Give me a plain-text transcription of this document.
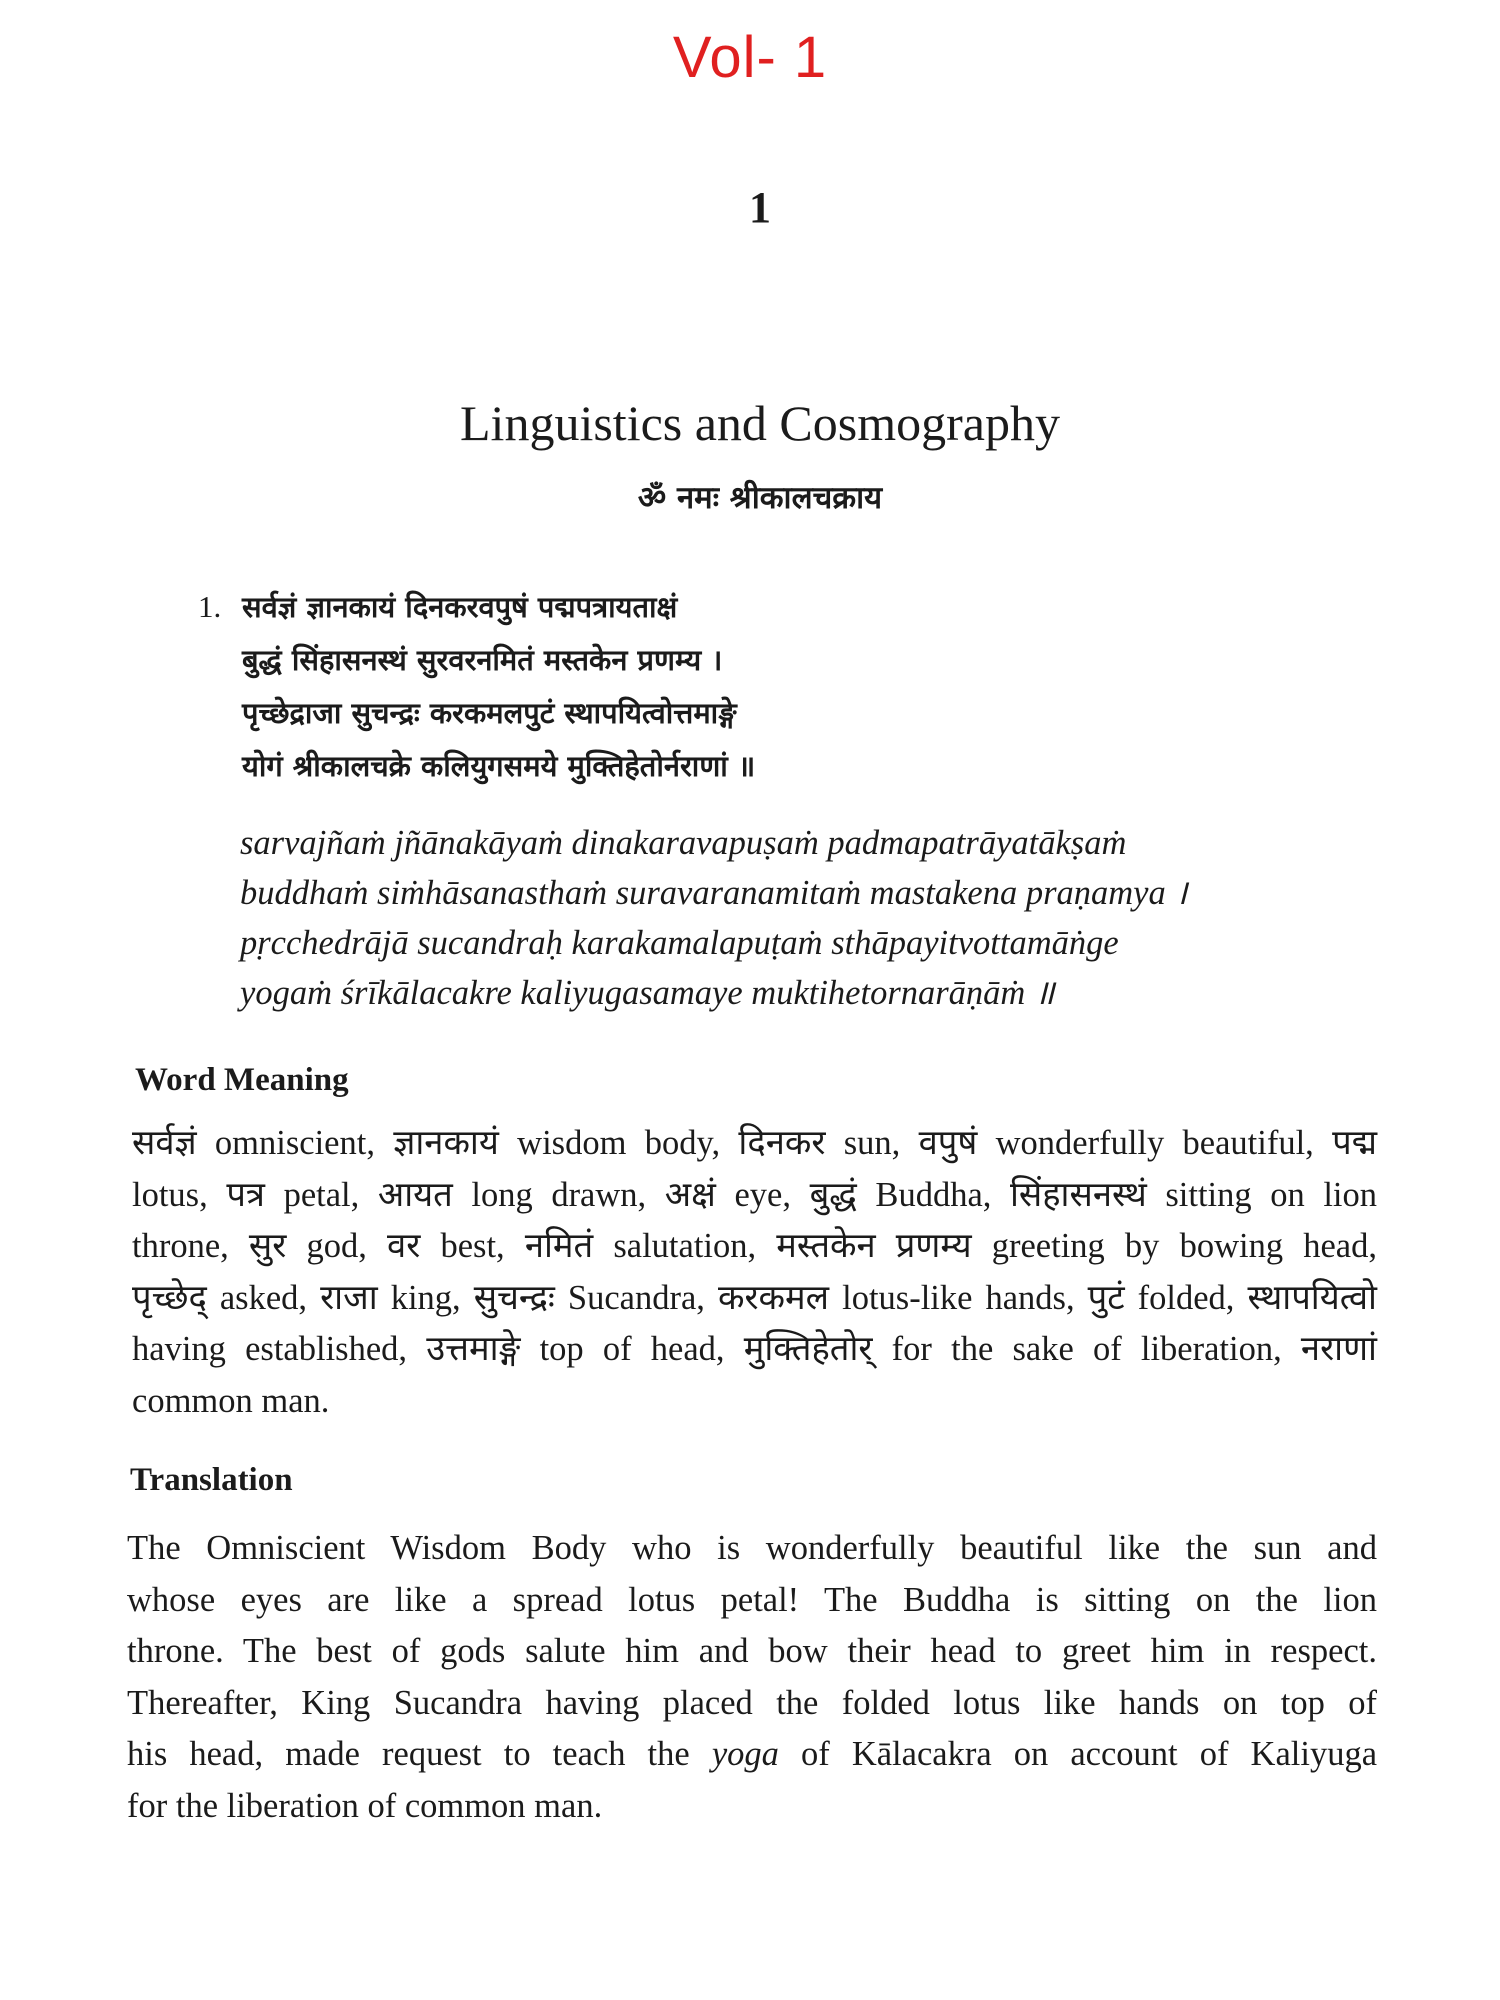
Vol- 1
1
Linguistics and Cosmography
ॐ नमः श्रीकालचक्राय
1. सर्वज्ञं ज्ञानकायं दिनकरवपुषं पद्मपत्रायताक्षं
बुद्धं सिंहासनस्थं सुरवरनमितं मस्तकेन प्रणम्य ।
पृच्छेद्राजा सुचन्द्रः करकमलपुटं स्थापयित्वोत्तमाङ्गे
योगं श्रीकालचक्रे कलियुगसमये मुक्तिहेतोर्नराणां ॥
sarvajñaṁ jñānakāyaṁ dinakaravapuṣaṁ padmapatrāyatākṣaṁ
buddhaṁ siṁhāsanasthaṁ suravaranamitaṁ mastakena praṇamya ।
pṛcchedrājā sucandraḥ karakamalapuṭaṁ sthāpayitvottamāṅge
yogaṁ śrīkālacakre kaliyugasamaye muktihetornarāṇāṁ ॥
Word Meaning
सर्वज्ञं omniscient, ज्ञानकायं wisdom body, दिनकर sun, वपुषं wonderfully beautiful, पद्म
lotus, पत्र petal, आयत long drawn, अक्षं eye, बुद्धं Buddha, सिंहासनस्थं sitting on lion
throne, सुर god, वर best, नमितं salutation, मस्तकेन प्रणम्य greeting by bowing head,
पृच्छेद् asked, राजा king, सुचन्द्रः Sucandra, करकमल lotus-like hands, पुटं folded, स्थापयित्वो
having established, उत्तमाङ्गे top of head, मुक्तिहेतोर् for the sake of liberation, नराणां
common man.
Translation
The Omniscient Wisdom Body who is wonderfully beautiful like the sun and
whose eyes are like a spread lotus petal! The Buddha is sitting on the lion
throne. The best of gods salute him and bow their head to greet him in respect.
Thereafter, King Sucandra having placed the folded lotus like hands on top of
his head, made request to teach the yoga of Kālacakra on account of Kaliyuga
for the liberation of common man.
